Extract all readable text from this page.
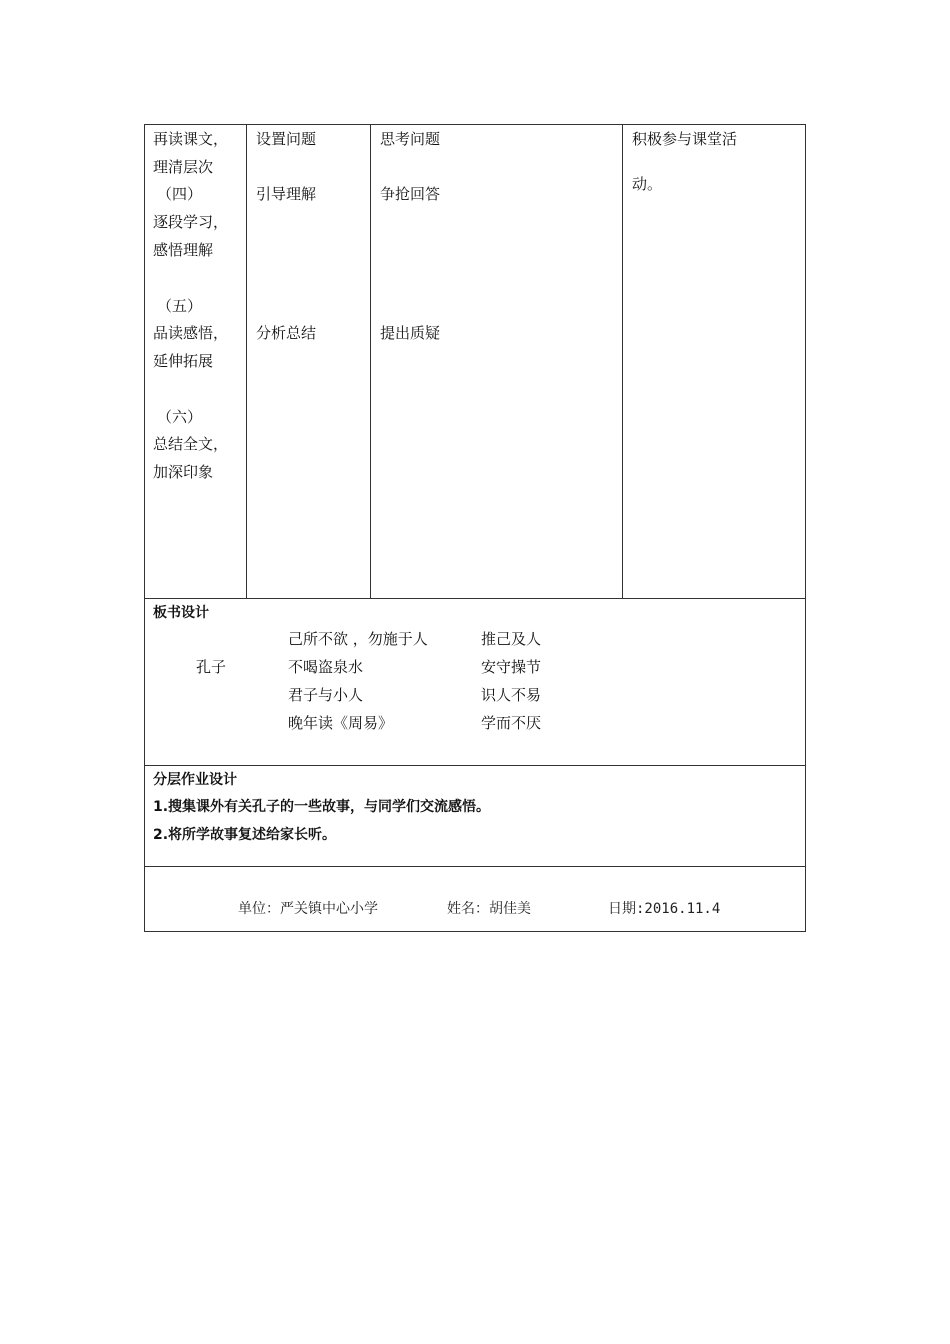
再读课文，
理清层次
（四）
逐段学习，
感悟理解
（五）
品读感悟，
延伸拓展
（六）
总结全文，
加深印象
设置问题
引导理解
分析总结
思考问题
争抢回答
提出质疑
积极参与课堂活
动。
板书设计
孔子
己所不欲 ，勿施于人
不喝盗泉水
君子与小人
晚年读《周易》
推己及人
安守操节
识人不易
学而不厌
分层作业设计
1.搜集课外有关孔子的一些故事，与同学们交流感悟。
2.将所学故事复述给家长听。
单位：严关镇中心小学	姓名：胡佳美	日期:2016.11.4
